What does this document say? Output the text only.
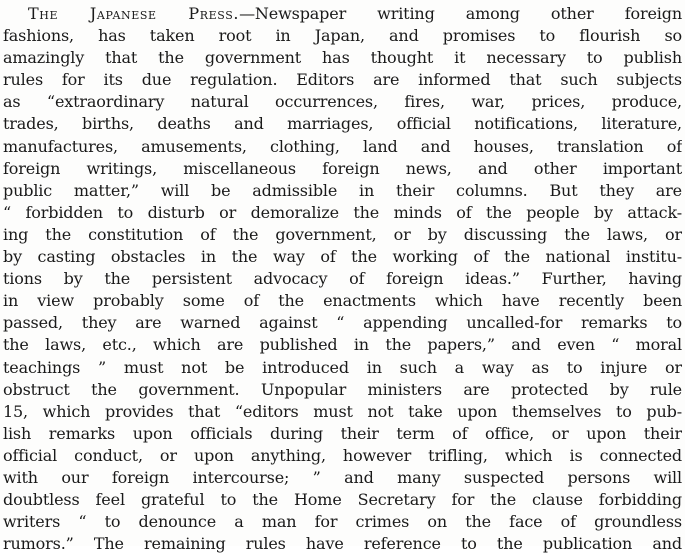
The Japanese Press.—Newspaper writing among other foreign
fashions, has taken root in Japan, and promises to flourish so
amazingly that the government has thought it necessary to publish
rules for its due regulation. Editors are informed that such subjects
as “extraordinary natural occurrences, fires, war, prices, produce,
trades, births, deaths and marriages, official notifications, literature,
manufactures, amusements, clothing, land and houses, translation of
foreign writings, miscellaneous foreign news, and other important
public matter,” will be admissible in their columns. But they are
“ forbidden to disturb or demoralize the minds of the people by attack-
ing the constitution of the government, or by discussing the laws, or
by casting obstacles in the way of the working of the national institu-
tions by the persistent advocacy of foreign ideas.” Further, having
in view probably some of the enactments which have recently been
passed, they are warned against “ appending uncalled-for remarks to
the laws, etc., which are published in the papers,” and even “ moral
teachings ” must not be introduced in such a way as to injure or
obstruct the government. Unpopular ministers are protected by rule
15, which provides that “editors must not take upon themselves to pub-
lish remarks upon officials during their term of office, or upon their
official conduct, or upon anything, however trifling, which is connected
with our foreign intercourse; ” and many suspected persons will
doubtless feel grateful to the Home Secretary for the clause forbidding
writers “ to denounce a man for crimes on the face of groundless
rumors.” The remaining rules have reference to the publication and
